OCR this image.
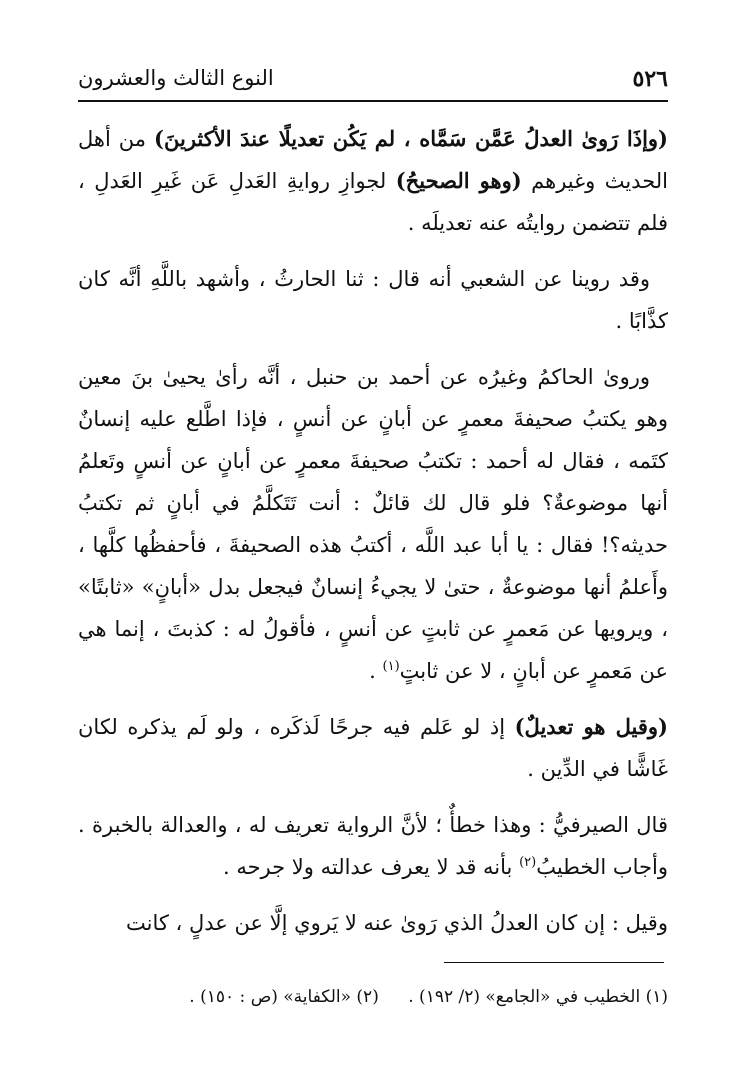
٥٢٦
النوع الثالث والعشرون

(وإذَا رَوىٰ العدلُ عَمَّن سَمَّاه ، لم يَكُن تعديلًا عندَ الأكثرينَ) من أهل الحديث وغيرهم (وهو الصحيحُ) لجوازِ روايةِ العَدلِ عَن غَيرِ العَدلِ ، فلم تتضمن روايتُه عنه تعديلَه .

وقد روينا عن الشعبي أنه قال : ثنا الحارثُ ، وأشهد باللَّهِ أنَّه كان كذَّابًا .

وروىٰ الحاكمُ وغيرُه عن أحمد بن حنبل ، أنَّه رأىٰ يحيىٰ بنَ معين وهو يكتبُ صحيفةَ معمرٍ عن أبانٍ عن أنسٍ ، فإذا اطَّلع عليه إنسانٌ كتَمه ، فقال له أحمد : تكتبُ صحيفةَ معمرٍ عن أبانٍ عن أنسٍ وتَعلمُ أنها موضوعةٌ؟ فلو قال لك قائلٌ : أنت تَتَكلَّمُ في أبانٍ ثم تكتبُ حديثه؟! فقال : يا أبا عبد اللَّه ، أكتبُ هذه الصحيفةَ ، فأحفظُها كلَّها ، وأَعلمُ أنها موضوعةٌ ، حتىٰ لا يجيءُ إنسانٌ فيجعل بدل «أبانٍ» «ثابتًا» ، ويرويها عن مَعمرٍ عن ثابتٍ عن أنسٍ ، فأقولُ له : كذبتَ ، إنما هي عن مَعمرٍ عن أبانٍ ، لا عن ثابتٍ$^{(١)}$ .

(وقيل هو تعديلٌ) إذ لو عَلم فيه جرحًا لَذكَره ، ولو لَم يذكره لكان غَاشًّا في الدِّين .

قال الصيرفيُّ : وهذا خطأٌ ؛ لأنَّ الرواية تعريف له ، والعدالة بالخبرة . وأجاب الخطيبُ$^{(٢)}$ بأنه قد لا يعرف عدالته ولا جرحه .

وقيل : إن كان العدلُ الذي رَوىٰ عنه لا يَروي إلَّا عن عدلٍ ، كانت

(١) الخطيب في «الجامع» (٢/ ١٩٢) . (٢) «الكفاية» (ص : ١٥٠) .
